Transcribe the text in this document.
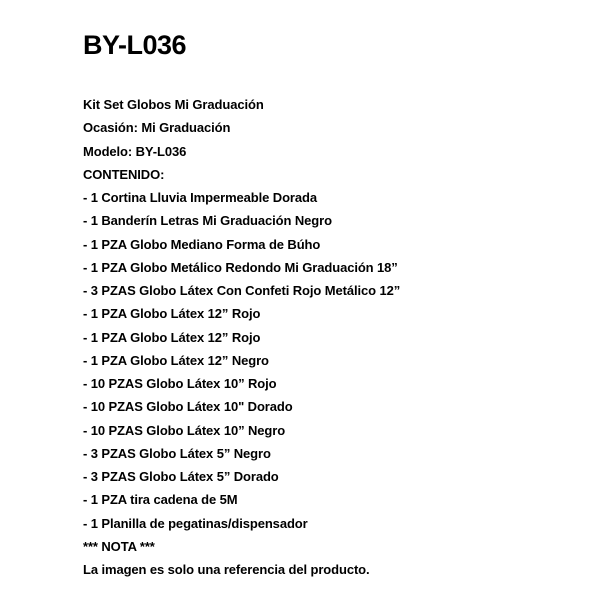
BY-L036

Kit Set Globos Mi Graduación

Ocasión: Mi Graduación

Modelo: BY-L036

CONTENIDO:

- 1 Cortina Lluvia Impermeable Dorada

- 1 Banderín Letras Mi Graduación Negro

- 1 PZA Globo Mediano Forma de Búho

- 1 PZA Globo Metálico Redondo Mi Graduación 18”

- 3 PZAS Globo Látex Con Confeti Rojo Metálico 12”

- 1 PZA Globo Látex 12” Rojo

- 1 PZA Globo Látex 12” Rojo

- 1 PZA Globo Látex 12” Negro

- 10 PZAS Globo Látex 10” Rojo

- 10 PZAS Globo Látex 10" Dorado

- 10 PZAS Globo Látex 10” Negro

- 3 PZAS Globo Látex 5” Negro

- 3 PZAS Globo Látex 5” Dorado

- 1 PZA tira cadena de 5M

- 1 Planilla de pegatinas/dispensador

*** NOTA ***

La imagen es solo una referencia del producto.
